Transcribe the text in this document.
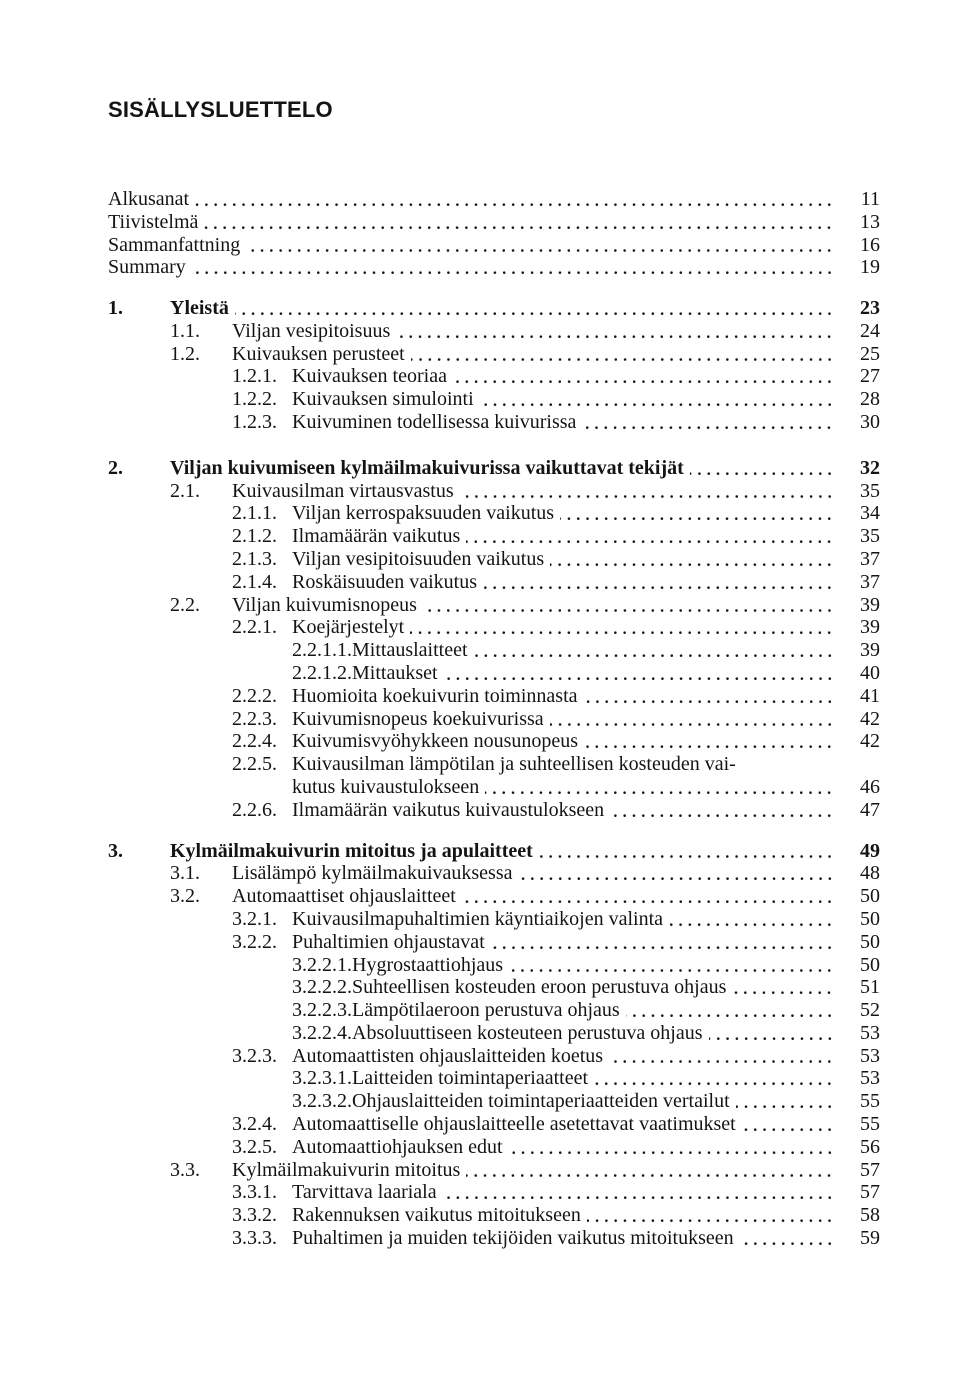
SISÄLLYSLUETTELO
Alkusanat	11
Tiivistelmä	13
Sammanfattning	16
Summary	19
1.	Yleistä	23
1.1.	Viljan vesipitoisuus	24
1.2.	Kuivauksen perusteet	25
1.2.1. Kuivauksen teoriaa	27
1.2.2. Kuivauksen simulointi	28
1.2.3. Kuivuminen todellisessa kuivurissa	30
2.	Viljan kuivumiseen kylmäilmakuivurissa vaikuttavat tekijät	32
2.1.	Kuivausilman virtausvastus	35
2.1.1. Viljan kerrospaksuuden vaikutus	34
2.1.2. Ilmamäärän vaikutus	35
2.1.3. Viljan vesipitoisuuden vaikutus	37
2.1.4. Roskäisuuden vaikutus	37
2.2.	Viljan kuivumisnopeus	39
2.2.1. Koejärjestelyt	39
2.2.1.1. Mittauslaitteet	39
2.2.1.2. Mittaukset	40
2.2.2. Huomioita koekuivurin toiminnasta	41
2.2.3. Kuivumisnopeus koekuivurissa	42
2.2.4. Kuivumisvyöhykkeen nousunopeus	42
2.2.5. Kuivausilman lämpötilan ja suhteellisen kosteuden vai-
kutus kuivaustulokseen	46
2.2.6. Ilmamäärän vaikutus kuivaustulokseen	47
3.	Kylmäilmakuivurin mitoitus ja apulaitteet	49
3.1.	Lisälämpö kylmäilmakuivauksessa	48
3.2.	Automaattiset ohjauslaitteet	50
3.2.1. Kuivausilmapuhaltimien käyntiaikojen valinta	50
3.2.2. Puhaltimien ohjaustavat	50
3.2.2.1. Hygrostaattiohjaus	50
3.2.2.2. Suhteellisen kosteuden eroon perustuva ohjaus	51
3.2.2.3. Lämpötilaeroon perustuva ohjaus	52
3.2.2.4. Absoluuttiseen kosteuteen perustuva ohjaus	53
3.2.3. Automaattisten ohjauslaitteiden koetus	53
3.2.3.1. Laitteiden toimintaperiaatteet	53
3.2.3.2. Ohjauslaitteiden toimintaperiaatteiden vertailut	55
3.2.4. Automaattiselle ohjauslaitteelle asetettavat vaatimukset	55
3.2.5. Automaattiohjauksen edut	56
3.3.	Kylmäilmakuivurin mitoitus	57
3.3.1. Tarvittava laariala	57
3.3.2. Rakennuksen vaikutus mitoitukseen	58
3.3.3. Puhaltimen ja muiden tekijöiden vaikutus mitoitukseen	59
